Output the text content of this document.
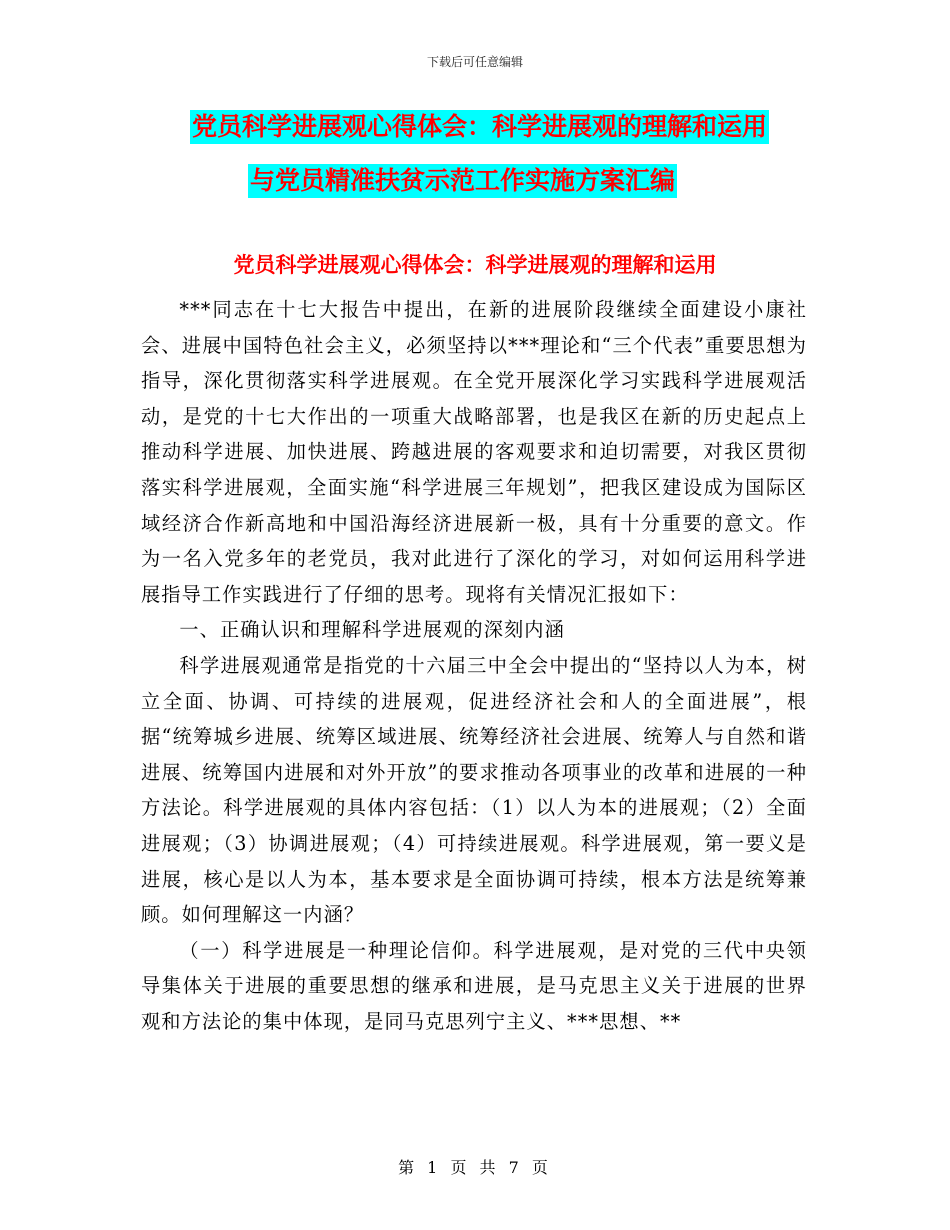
下载后可任意编辑
党员科学进展观心得体会：科学进展观的理解和运用
与党员精准扶贫示范工作实施方案汇编
党员科学进展观心得体会：科学进展观的理解和运用

***同志在十七大报告中提出，在新的进展阶段继续全面建设小康社会、进展中国特色社会主义，必须坚持以***理论和“三个代表”重要思想为指导，深化贯彻落实科学进展观。在全党开展深化学习实践科学进展观活动，是党的十七大作出的一项重大战略部署，也是我区在新的历史起点上推动科学进展、加快进展、跨越进展的客观要求和迫切需要，对我区贯彻落实科学进展观，全面实施“科学进展三年规划”，把我区建设成为国际区域经济合作新高地和中国沿海经济进展新一极，具有十分重要的意文。作为一名入党多年的老党员，我对此进行了深化的学习，对如何运用科学进展指导工作实践进行了仔细的思考。现将有关情况汇报如下：

一、正确认识和理解科学进展观的深刻内涵

科学进展观通常是指党的十六届三中全会中提出的“坚持以人为本，树立全面、协调、可持续的进展观，促进经济社会和人的全面进展”，根据“统筹城乡进展、统筹区域进展、统筹经济社会进展、统筹人与自然和谐进展、统筹国内进展和对外开放”的要求推动各项事业的改革和进展的一种方法论。科学进展观的具体内容包括：（1）以人为本的进展观；（2）全面进展观；（3）协调进展观；（4）可持续进展观。科学进展观，第一要义是进展，核心是以人为本，基本要求是全面协调可持续，根本方法是统筹兼顾。如何理解这一内涵？

（一）科学进展是一种理论信仰。科学进展观，是对党的三代中央领导集体关于进展的重要思想的继承和进展，是马克思主义关于进展的世界观和方法论的集中体现，是同马克思列宁主义、***思想、**

第 1 页 共 7 页
